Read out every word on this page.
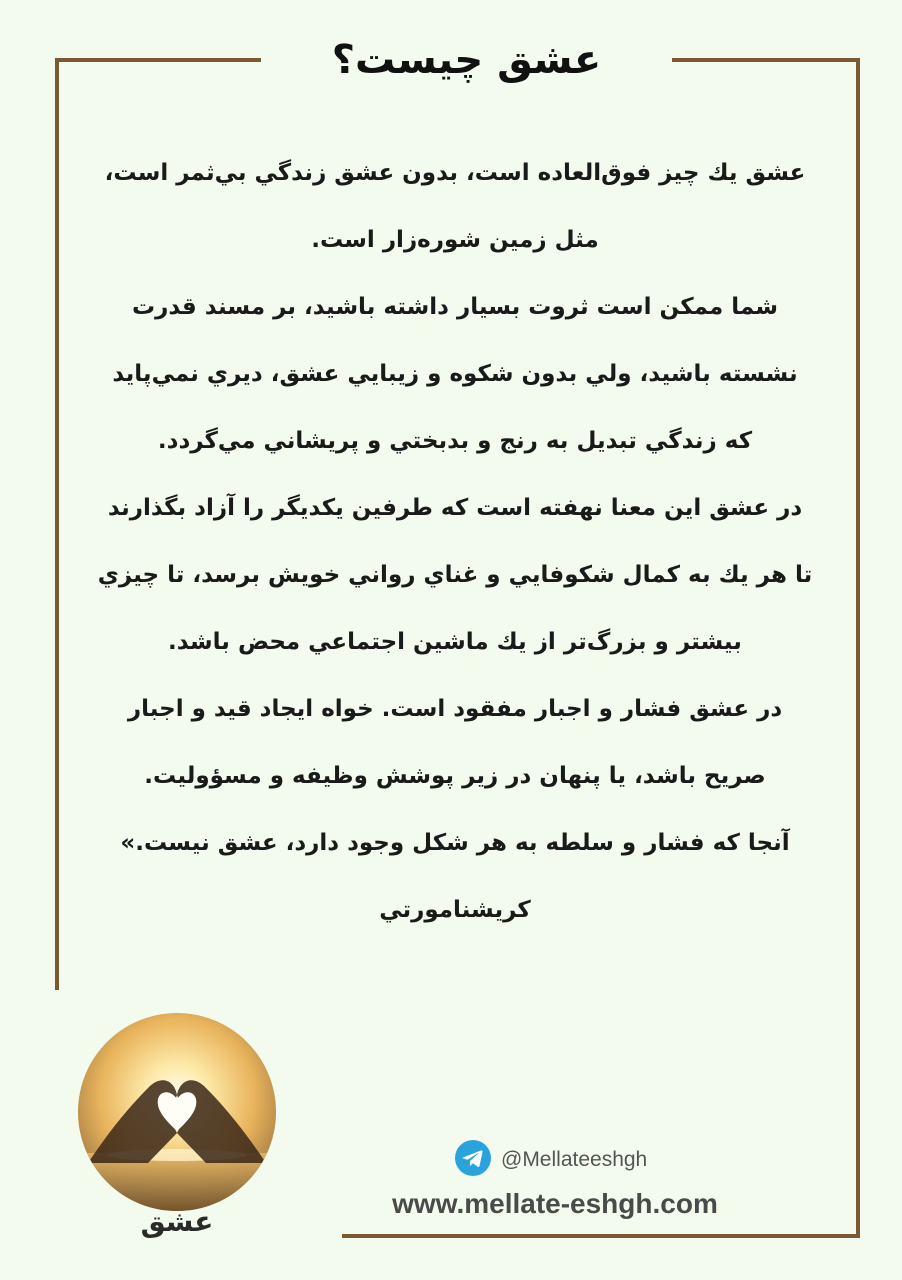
عشق چیست؟
عشق يك چيز فوق‌العاده است، بدون عشق زندگي بي‌ثمر است،
مثل زمين شوره‌زار است.
شما ممكن است ثروت بسيار داشته باشيد، بر مسند قدرت
نشسته باشيد، ولي بدون شكوه و زيبايي عشق، ديري نمي‌پايد
كه زندگي تبديل به رنج و بدبختي و پريشاني مي‌گردد.
در عشق اين معنا نهفته است كه طرفين يكديگر را آزاد بگذارند
تا هر يك به كمال شكوفايي و غناي رواني خويش برسد، تا چيزي
بيشتر و بزرگ‌تر از يك ماشين اجتماعي محض باشد.
در عشق فشار و اجبار مفقود است. خواه ايجاد قيد و اجبار
صريح باشد، يا پنهان در زير پوشش وظيفه و مسؤوليت.
آنجا كه فشار و سلطه به هر شكل وجود دارد، عشق نيست.»
كريشنامورتي
عشق
@Mellateeshgh
www.mellate-eshgh.com
